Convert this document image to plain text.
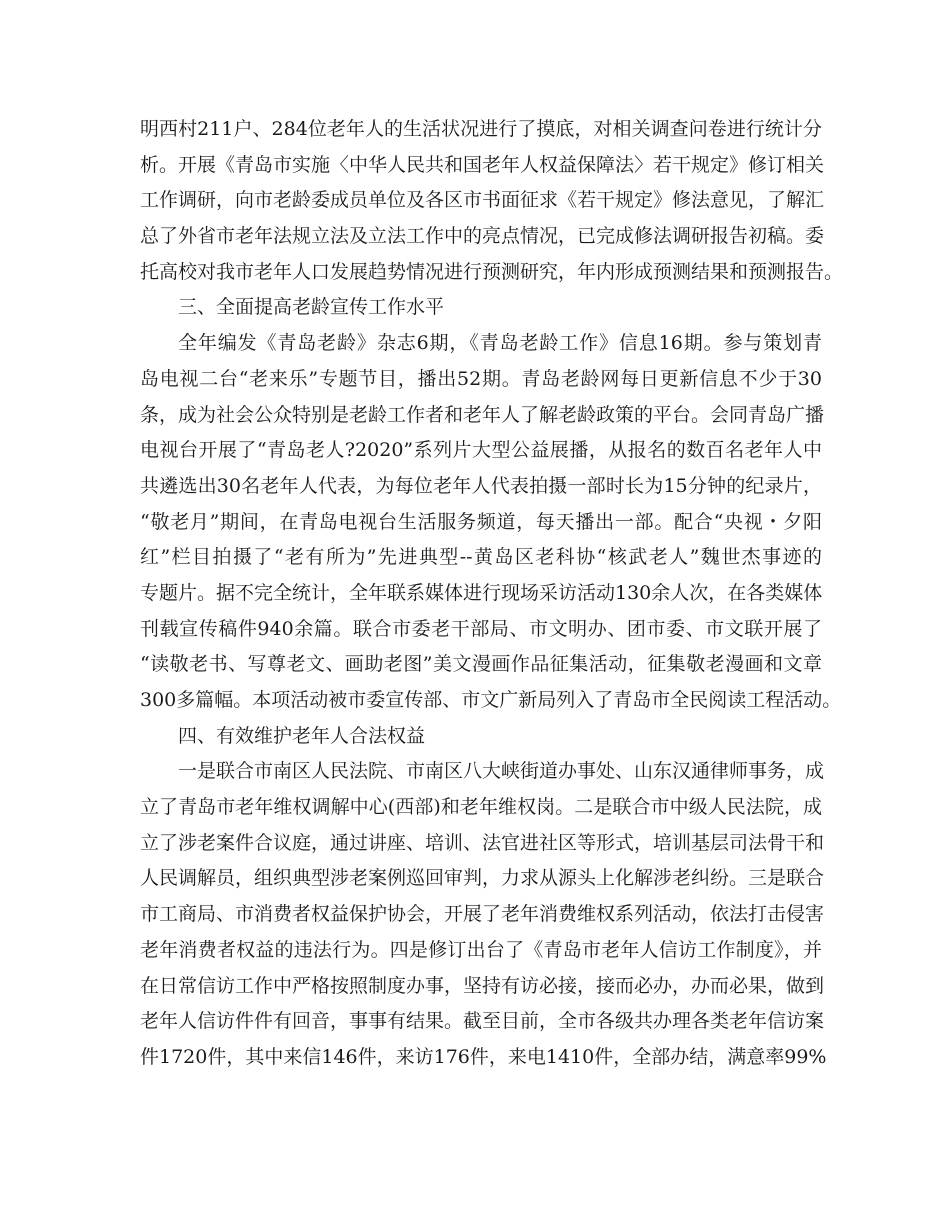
明西村211户、284位老年人的生活状况进行了摸底，对相关调查问卷进行统计分
析。开展《青岛市实施〈中华人民共和国老年人权益保障法〉若干规定》修订相关
工作调研，向市老龄委成员单位及各区市书面征求《若干规定》修法意见，了解汇
总了外省市老年法规立法及立法工作中的亮点情况，已完成修法调研报告初稿。委
托高校对我市老年人口发展趋势情况进行预测研究，年内形成预测结果和预测报告。
三、全面提高老龄宣传工作水平
全年编发《青岛老龄》杂志6期，《青岛老龄工作》信息16期。参与策划青
岛电视二台“老来乐”专题节目，播出52期。青岛老龄网每日更新信息不少于30
条，成为社会公众特别是老龄工作者和老年人了解老龄政策的平台。会同青岛广播
电视台开展了“青岛老人?2020”系列片大型公益展播，从报名的数百名老年人中
共遴选出30名老年人代表，为每位老年人代表拍摄一部时长为15分钟的纪录片，
“敬老月”期间，在青岛电视台生活服务频道，每天播出一部。配合“央视・夕阳
红”栏目拍摄了“老有所为”先进典型--黄岛区老科协“核武老人”魏世杰事迹的
专题片。据不完全统计，全年联系媒体进行现场采访活动130余人次，在各类媒体
刊载宣传稿件940余篇。联合市委老干部局、市文明办、团市委、市文联开展了
“读敬老书、写尊老文、画助老图”美文漫画作品征集活动，征集敬老漫画和文章
300多篇幅。本项活动被市委宣传部、市文广新局列入了青岛市全民阅读工程活动。
四、有效维护老年人合法权益
一是联合市南区人民法院、市南区八大峡街道办事处、山东汉通律师事务，成
立了青岛市老年维权调解中心(西部)和老年维权岗。二是联合市中级人民法院，成
立了涉老案件合议庭，通过讲座、培训、法官进社区等形式，培训基层司法骨干和
人民调解员，组织典型涉老案例巡回审判，力求从源头上化解涉老纠纷。三是联合
市工商局、市消费者权益保护协会，开展了老年消费维权系列活动，依法打击侵害
老年消费者权益的违法行为。四是修订出台了《青岛市老年人信访工作制度》，并
在日常信访工作中严格按照制度办事，坚持有访必接，接而必办，办而必果，做到
老年人信访件件有回音，事事有结果。截至目前，全市各级共办理各类老年信访案
件1720件，其中来信146件，来访176件，来电1410件，全部办结，满意率99%
